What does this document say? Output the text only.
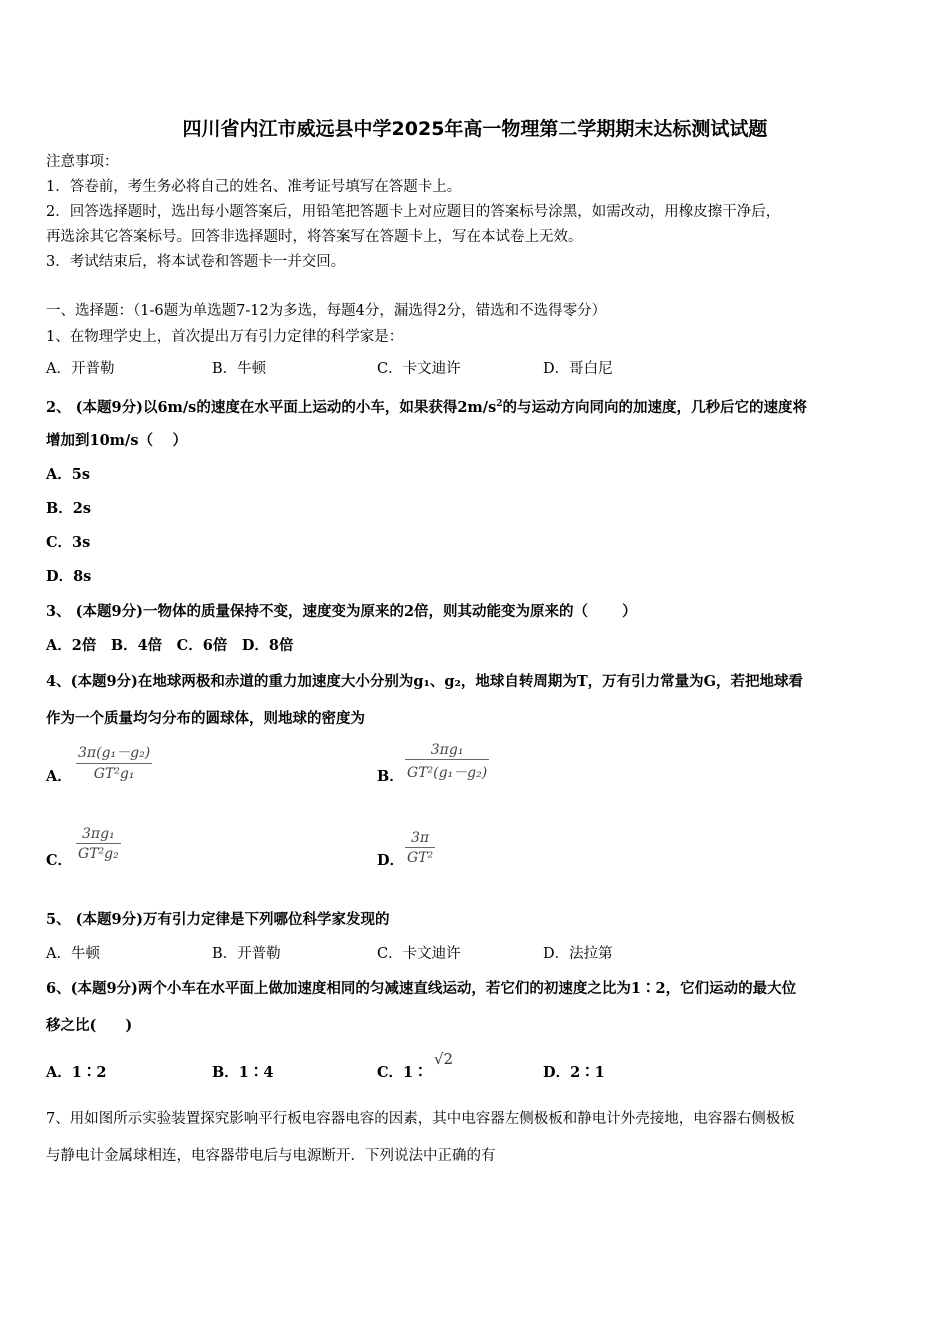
四川省内江市威远县中学2025年高一物理第二学期期末达标测试试题
注意事项：
1．答卷前，考生务必将自己的姓名、准考证号填写在答题卡上。
2．回答选择题时，选出每小题答案后，用铅笔把答题卡上对应题目的答案标号涂黑，如需改动，用橡皮擦干净后，
再选涂其它答案标号。回答非选择题时，将答案写在答题卡上，写在本试卷上无效。
3．考试结束后，将本试卷和答题卡一并交回。
一、选择题：（1-6题为单选题7-12为多选，每题4分，漏选得2分，错选和不选得零分）
1、在物理学史上，首次提出万有引力定律的科学家是：
A．开普勒	B．牛顿	C．卡文迪许	D．哥白尼
2、 (本题9分)以6m/s的速度在水平面上运动的小车，如果获得$2m/s^2$的与运动方向同向的加速度，几秒后它的速度将
增加到10m/s（　 ）
A．5s
B．2s
C．3s
D．8s
3、 (本题9分)一物体的质量保持不变，速度变为原来的2倍，则其动能变为原来的（　　 ）
A．2倍　B．4倍　C．6倍　D．8倍
4、(本题9分)在地球两极和赤道的重力加速度大小分别为g₁、g₂，地球自转周期为T，万有引力常量为G，若把地球看
作为一个质量均匀分布的圆球体，则地球的密度为
A． $\frac{\text{3π(g₁－g₂)}}{\text{GT²g₁}}$	B． $\frac{\text{3πg₁}}{\text{GT²(g₁－g₂)}}$
C． $\frac{\text{3πg₁}}{\text{GT²g₂}}$	D． $\frac{3\pi}{\text{GT²}}$
5、 (本题9分)万有引力定律是下列哪位科学家发现的
A．牛顿	B．开普勒	C．卡文迪许	D．法拉第
6、(本题9分)两个小车在水平面上做加速度相同的匀减速直线运动，若它们的初速度之比为1∶2，它们运动的最大位
移之比(　　)
A．1∶2	B．1∶4	C．1∶
√2
D．2∶1
7、用如图所示实验装置探究影响平行板电容器电容的因素，其中电容器左侧极板和静电计外壳接地，电容器右侧极板
与静电计金属球相连，电容器带电后与电源断开．下列说法中正确的有
